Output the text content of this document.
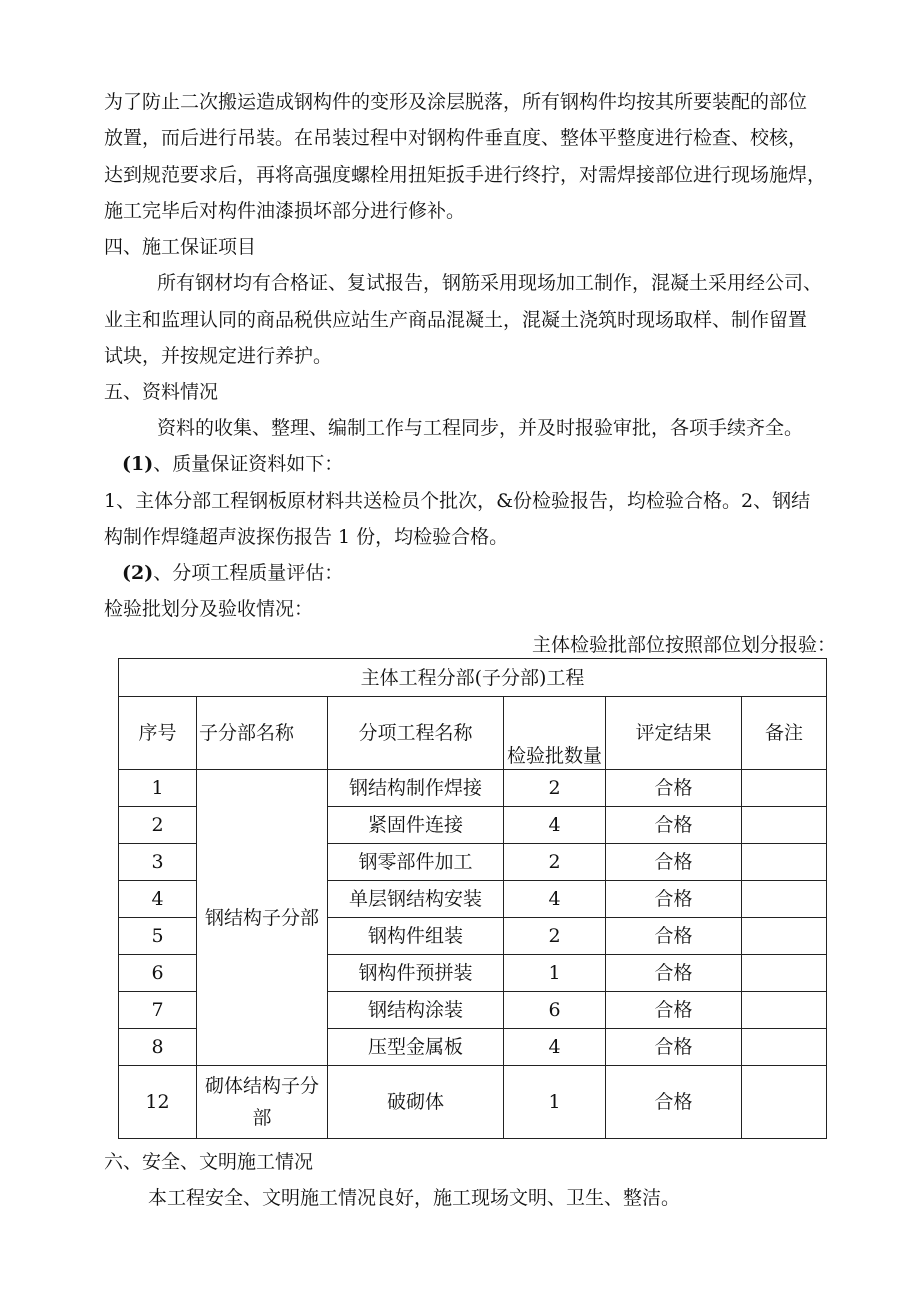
为了防止二次搬运造成钢构件的变形及涂层脱落，所有钢构件均按其所要装配的部位
放置，而后进行吊装。在吊装过程中对钢构件垂直度、整体平整度进行检查、校核，
达到规范要求后，再将高强度螺栓用扭矩扳手进行终拧，对需焊接部位进行现场施焊，
施工完毕后对构件油漆损坏部分进行修补。
四、施工保证项目
所有钢材均有合格证、复试报告，钢筋采用现场加工制作，混凝土采用经公司、
业主和监理认同的商品税供应站生产商品混凝土，混凝土浇筑时现场取样、制作留置
试块，并按规定进行养护。
五、资料情况
资料的收集、整理、编制工作与工程同步，并及时报验审批，各项手续齐全。
(1)、质量保证资料如下：
1、主体分部工程钢板原材料共送检员个批次，&份检验报告，均检验合格。2、钢结
构制作焊缝超声波探伤报告 1 份，均检验合格。
(2)、分项工程质量评估：
检验批划分及验收情况：
主体检验批部位按照部位划分报验：
主体工程分部(子分部)工程					
序号	子分部名称	分项工程名称	检验批数量	评定结果	备注
1	钢结构子分部	钢结构制作焊接	2	合格	
2		紧固件连接	4	合格	
3		钢零部件加工	2	合格	
4		单层钢结构安装	4	合格	
5		钢构件组装	2	合格	
6		钢构件预拼装	1	合格	
7		钢结构涂装	6	合格	
8		压型金属板	4	合格	
12	砌体结构子分部	破砌体	1	合格	
六、安全、文明施工情况
本工程安全、文明施工情况良好，施工现场文明、卫生、整洁。
